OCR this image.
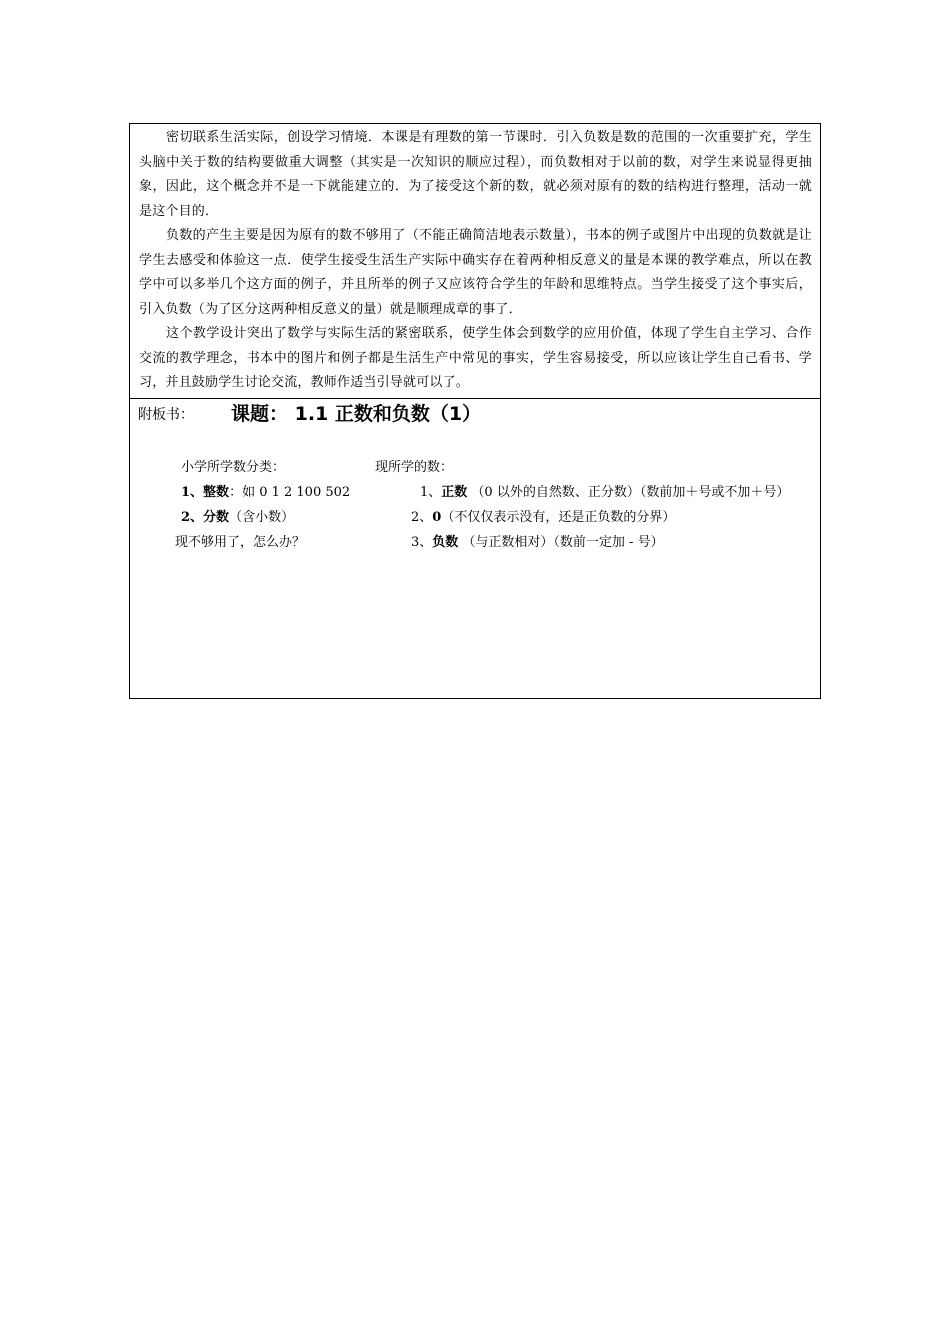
密切联系生活实际，创设学习情境．本课是有理数的第一节课时．引入负数是数的范围的一次重要扩充，学生头脑中关于数的结构要做重大调整（其实是一次知识的顺应过程），而负数相对于以前的数，对学生来说显得更抽象，因此，这个概念并不是一下就能建立的．为了接受这个新的数，就必须对原有的数的结构进行整理，活动一就是这个目的．

负数的产生主要是因为原有的数不够用了（不能正确简洁地表示数量），书本的例子或图片中出现的负数就是让学生去感受和体验这一点．使学生接受生活生产实际中确实存在着两种相反意义的量是本课的教学难点，所以在教学中可以多举几个这方面的例子，并且所举的例子又应该符合学生的年龄和思维特点。当学生接受了这个事实后，引入负数（为了区分这两种相反意义的量）就是顺理成章的事了．

这个教学设计突出了数学与实际生活的紧密联系，使学生体会到数学的应用价值，体现了学生自主学习、合作交流的教学理念，书本中的图片和例子都是生活生产中常见的事实，学生容易接受，所以应该让学生自己看书、学习，并且鼓励学生讨论交流，教师作适当引导就可以了。

附板书： 课题： 1.1 正数和负数（1）
小学所学数分类：	现所学的数：
1、整数：如 0 1 2 100 502	1、正数 （0 以外的自然数、正分数）（数前加＋号或不加＋号）
2、分数（含小数）	2、0（不仅仅表示没有，还是正负数的分界）
现不够用了，怎么办？	3、负数 （与正数相对）（数前一定加 - 号）
